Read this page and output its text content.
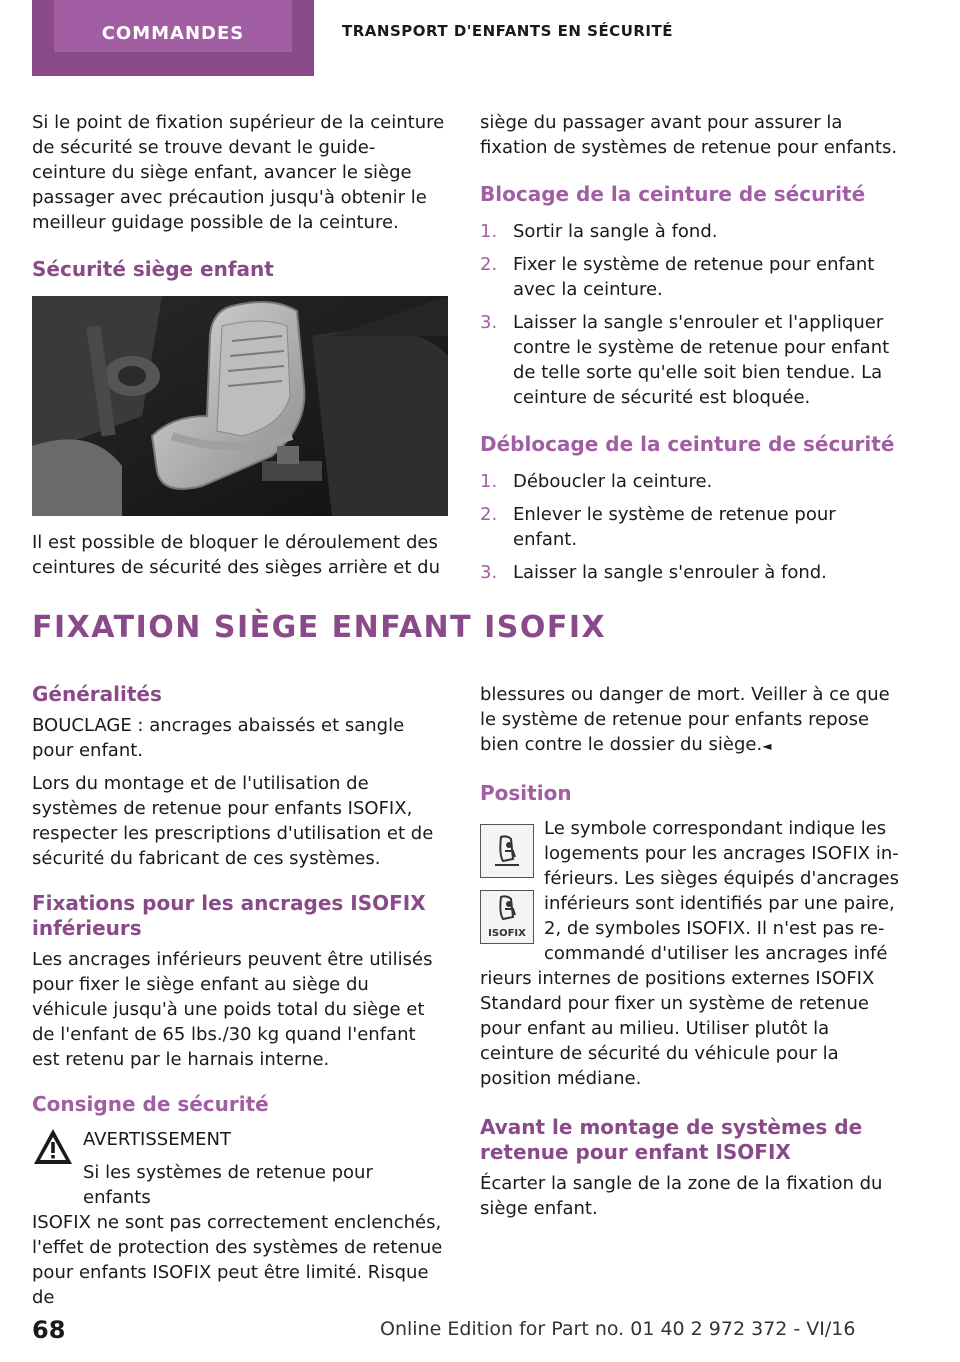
COMMANDES	TRANSPORT D'ENFANTS EN SÉCURITÉ

Si le point de fixation supérieur de la ceinture de sécurité se trouve devant le guide-ceinture du siège enfant, avancer le siège passager avec précaution jusqu'à obtenir le meilleur guidage possible de la ceinture.

Sécurité siège enfant

Il est possible de bloquer le déroulement des ceintures de sécurité des sièges arrière et du

siège du passager avant pour assurer la fixation de systèmes de retenue pour enfants.

Blocage de la ceinture de sécurité
1. Sortir la sangle à fond.
2. Fixer le système de retenue pour enfant avec la ceinture.
3. Laisser la sangle s'enrouler et l'appliquer contre le système de retenue pour enfant de telle sorte qu'elle soit bien tendue. La ceinture de sécurité est bloquée.
Déblocage de la ceinture de sécurité
1. Déboucler la ceinture.
2. Enlever le système de retenue pour enfant.
3. Laisser la sangle s'enrouler à fond.
FIXATION SIÈGE ENFANT ISOFIX
Généralités

BOUCLAGE : ancrages abaissés et sangle pour enfant.

Lors du montage et de l'utilisation de systèmes de retenue pour enfants ISOFIX, respecter les prescriptions d'utilisation et de sécurité du fabricant de ces systèmes.

Fixations pour les ancrages ISOFIX inférieurs

Les ancrages inférieurs peuvent être utilisés pour fixer le siège enfant au siège du véhicule jusqu'à une poids total du siège et de l'enfant de 65 lbs./30 kg quand l'enfant est retenu par le harnais interne.

Consigne de sécurité
AVERTISSEMENT
Si les systèmes de retenue pour enfants

ISOFIX ne sont pas correctement enclenchés, l'effet de protection des systèmes de retenue pour enfants ISOFIX peut être limité. Risque de

blessures ou danger de mort. Veiller à ce que le système de retenue pour enfants repose bien contre le dossier du siège.◄

Position
ISOFIX

Le symbole correspondant indique les logements pour les ancrages ISOFIX inférieurs. Les sièges équipés d'ancrages inférieurs sont identifiés par une paire, 2, de symboles ISOFIX. Il n'est pas recommandé d'utiliser les ancrages infé

rieurs internes de positions externes ISOFIX Standard pour fixer un système de retenue pour enfant au milieu. Utiliser plutôt la ceinture de sécurité du véhicule pour la position médiane.

Avant le montage de systèmes de retenue pour enfant ISOFIX

Écarter la sangle de la zone de la fixation du siège enfant.

68	Online Edition for Part no. 01 40 2 972 372 - VI/16
